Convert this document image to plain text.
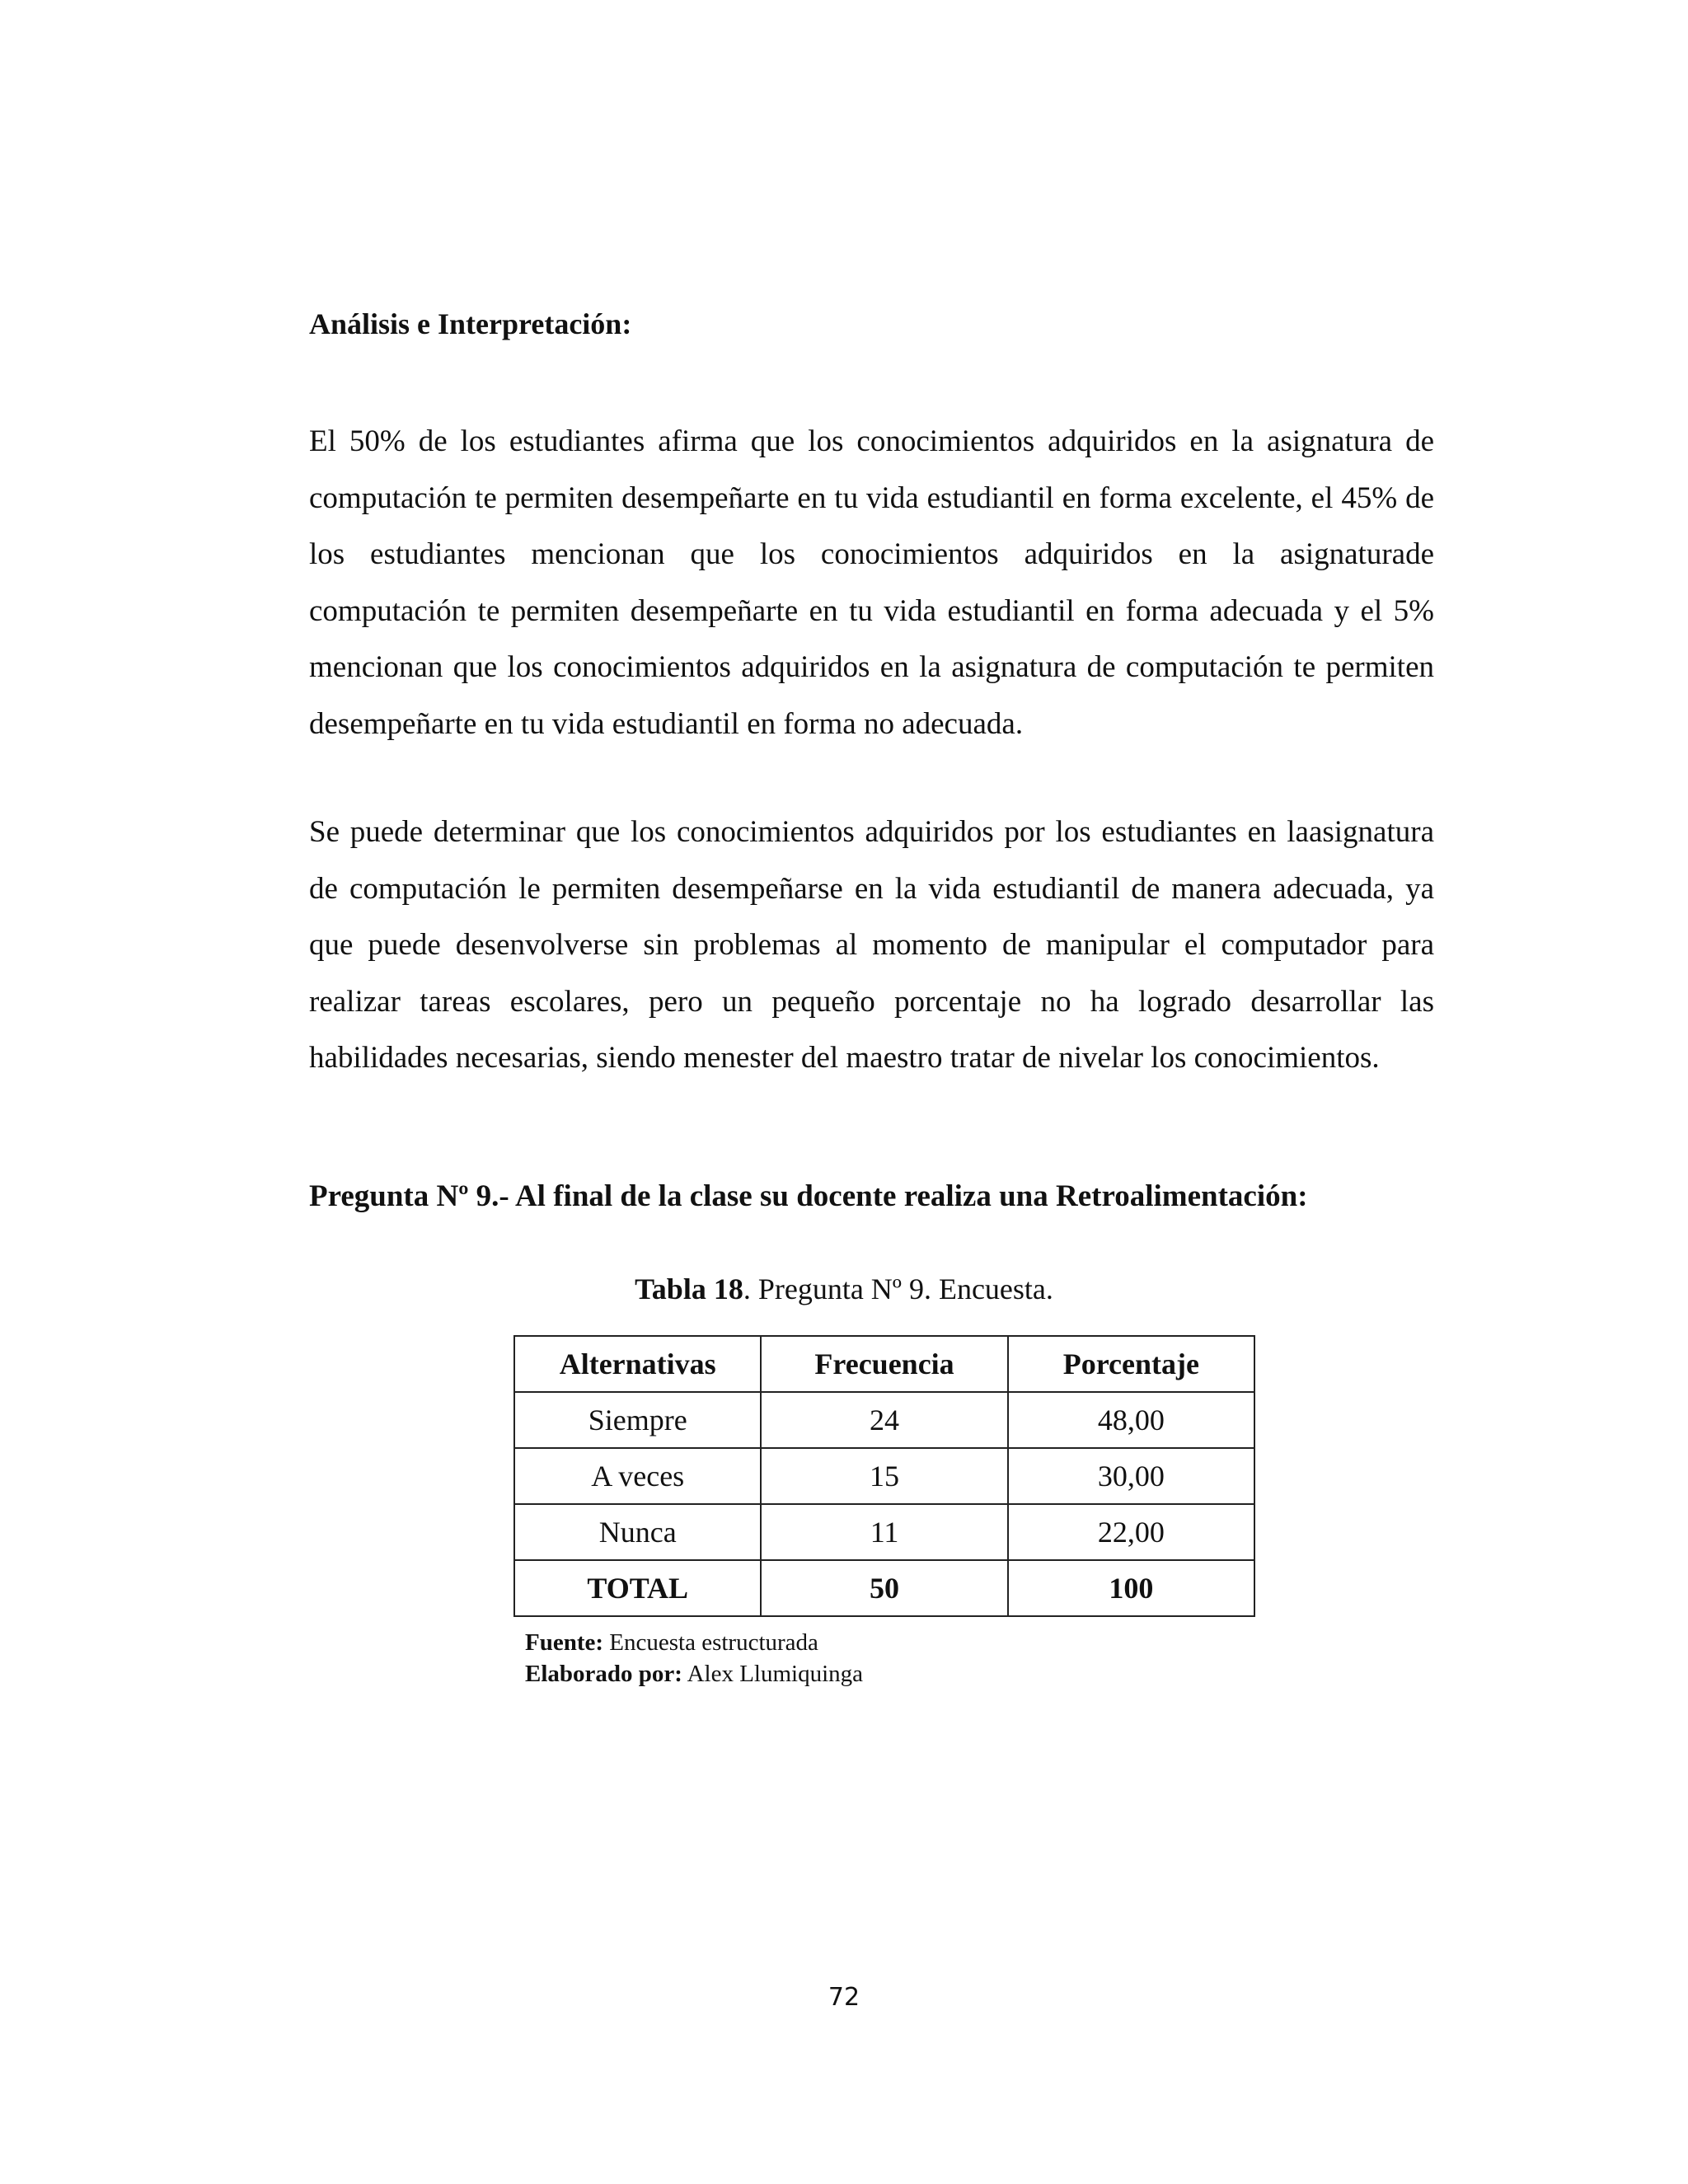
Análisis e Interpretación:

El 50% de los estudiantes afirma que los conocimientos adquiridos en la asignatura de computación te permiten desempeñarte en tu vida estudiantil en forma excelente, el 45% de los estudiantes mencionan que los conocimientos adquiridos en la asignaturade computación te permiten desempeñarte en tu vida estudiantil en forma adecuada y el 5% mencionan que los conocimientos adquiridos en la asignatura de computación te permiten desempeñarte en tu vida estudiantil en forma no adecuada.

Se puede determinar que los conocimientos adquiridos por los estudiantes en laasignatura de computación le permiten desempeñarse en la vida estudiantil de manera adecuada, ya que puede desenvolverse sin problemas al momento de manipular el computador para realizar tareas escolares, pero un pequeño porcentaje no ha logrado desarrollar las habilidades necesarias, siendo menester del maestro tratar de nivelar los conocimientos.

Pregunta Nº 9.- Al final de la clase su docente realiza una Retroalimentación:

Tabla 18. Pregunta Nº 9. Encuesta.

Alternativas	Frecuencia	Porcentaje
Siempre	24	48,00
A veces	15	30,00
Nunca	11	22,00
TOTAL	50	100
Fuente: Encuesta estructurada
Elaborado por: Alex Llumiquinga

72
